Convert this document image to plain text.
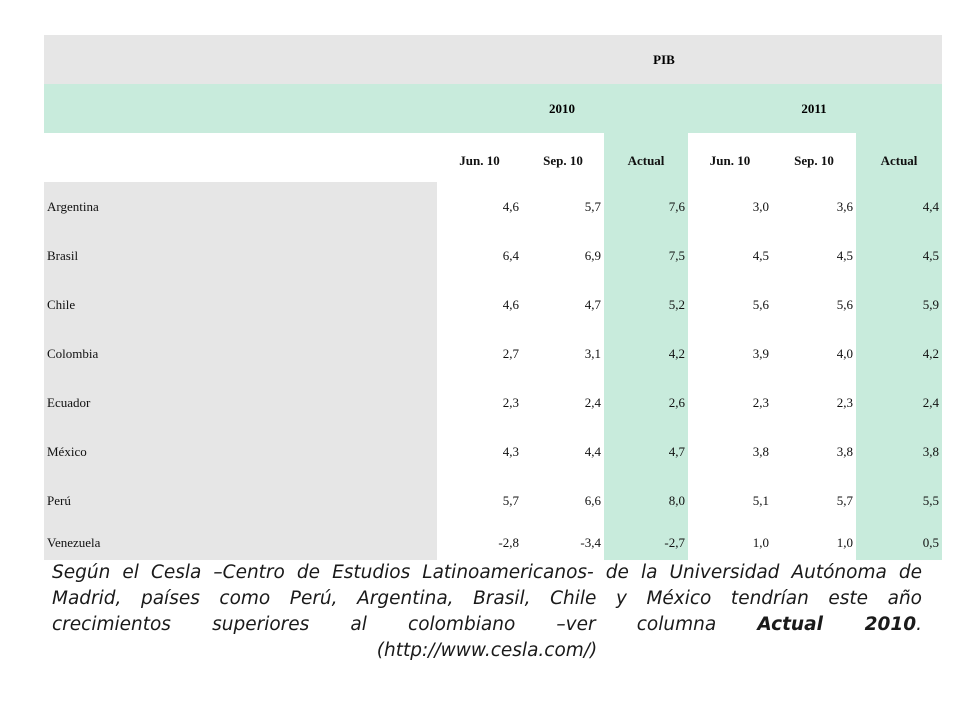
PIB
2010	2011
Jun. 10	Sep. 10	Actual	Jun. 10	Sep. 10	Actual
Argentina	4,6	5,7	7,6	3,0	3,6	4,4
Brasil	6,4	6,9	7,5	4,5	4,5	4,5
Chile	4,6	4,7	5,2	5,6	5,6	5,9
Colombia	2,7	3,1	4,2	3,9	4,0	4,2
Ecuador	2,3	2,4	2,6	2,3	2,3	2,4
México	4,3	4,4	4,7	3,8	3,8	3,8
Perú	5,7	6,6	8,0	5,1	5,7	5,5
Venezuela	-2,8	-3,4	-2,7	1,0	1,0	0,5
Según el Cesla –Centro de Estudios Latinoamericanos- de la Universidad Autónoma de
Madrid, países como Perú, Argentina, Brasil, Chile y México tendrían este año
crecimientos superiores al colombiano –ver columna Actual 2010.
(http://www.cesla.com/)
